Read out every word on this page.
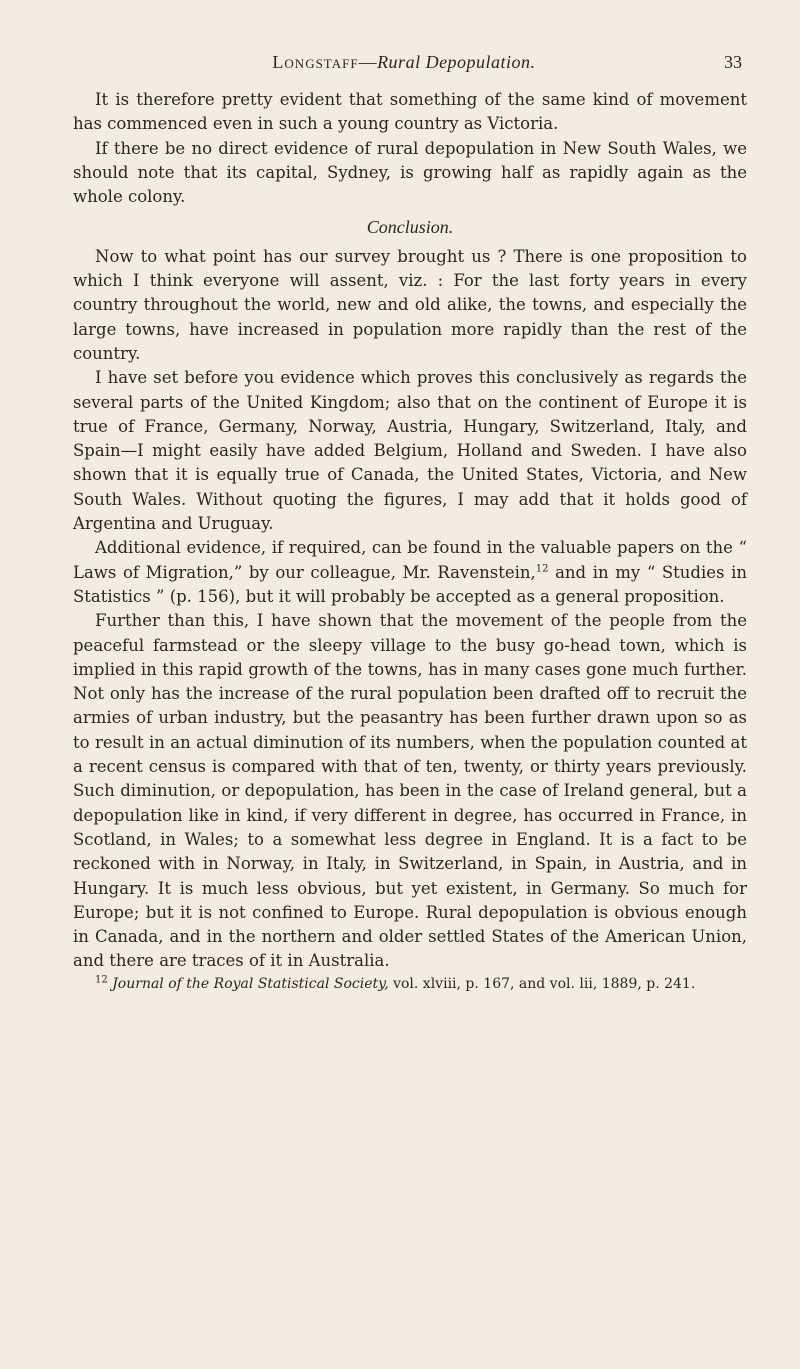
Longstaff—Rural Depopulation.	33

It is therefore pretty evident that something of the same kind of movement has commenced even in such a young country as Victoria.

If there be no direct evidence of rural depopulation in New South Wales, we should note that its capital, Sydney, is growing half as rapidly again as the whole colony.

Conclusion.

Now to what point has our survey brought us ? There is one proposition to which I think everyone will assent, viz. : For the last forty years in every country throughout the world, new and old alike, the towns, and especially the large towns, have increased in population more rapidly than the rest of the country.

I have set before you evidence which proves this conclusively as regards the several parts of the United Kingdom; also that on the continent of Europe it is true of France, Germany, Norway, Austria, Hungary, Switzerland, Italy, and Spain—I might easily have added Belgium, Holland and Sweden. I have also shown that it is equally true of Canada, the United States, Victoria, and New South Wales. Without quoting the figures, I may add that it holds good of Argentina and Uruguay.

Additional evidence, if required, can be found in the valuable papers on the “ Laws of Migration,” by our colleague, Mr. Ravenstein,$^{12}$ and in my “ Studies in Statistics ” (p. 156), but it will probably be accepted as a general proposition.

Further than this, I have shown that the movement of the people from the peaceful farmstead or the sleepy village to the busy go-head town, which is implied in this rapid growth of the towns, has in many cases gone much further. Not only has the increase of the rural population been drafted off to recruit the armies of urban industry, but the peasantry has been further drawn upon so as to result in an actual diminution of its numbers, when the population counted at a recent census is compared with that of ten, twenty, or thirty years previously. Such diminution, or depopulation, has been in the case of Ireland general, but a depopulation like in kind, if very different in degree, has occurred in France, in Scotland, in Wales; to a somewhat less degree in England. It is a fact to be reckoned with in Norway, in Italy, in Switzerland, in Spain, in Austria, and in Hungary. It is much less obvious, but yet existent, in Germany. So much for Europe; but it is not confined to Europe. Rural depopulation is obvious enough in Canada, and in the northern and older settled States of the American Union, and there are traces of it in Australia.

$^{12}$ Journal of the Royal Statistical Society, vol. xlviii, p. 167, and vol. lii, 1889, p. 241.
